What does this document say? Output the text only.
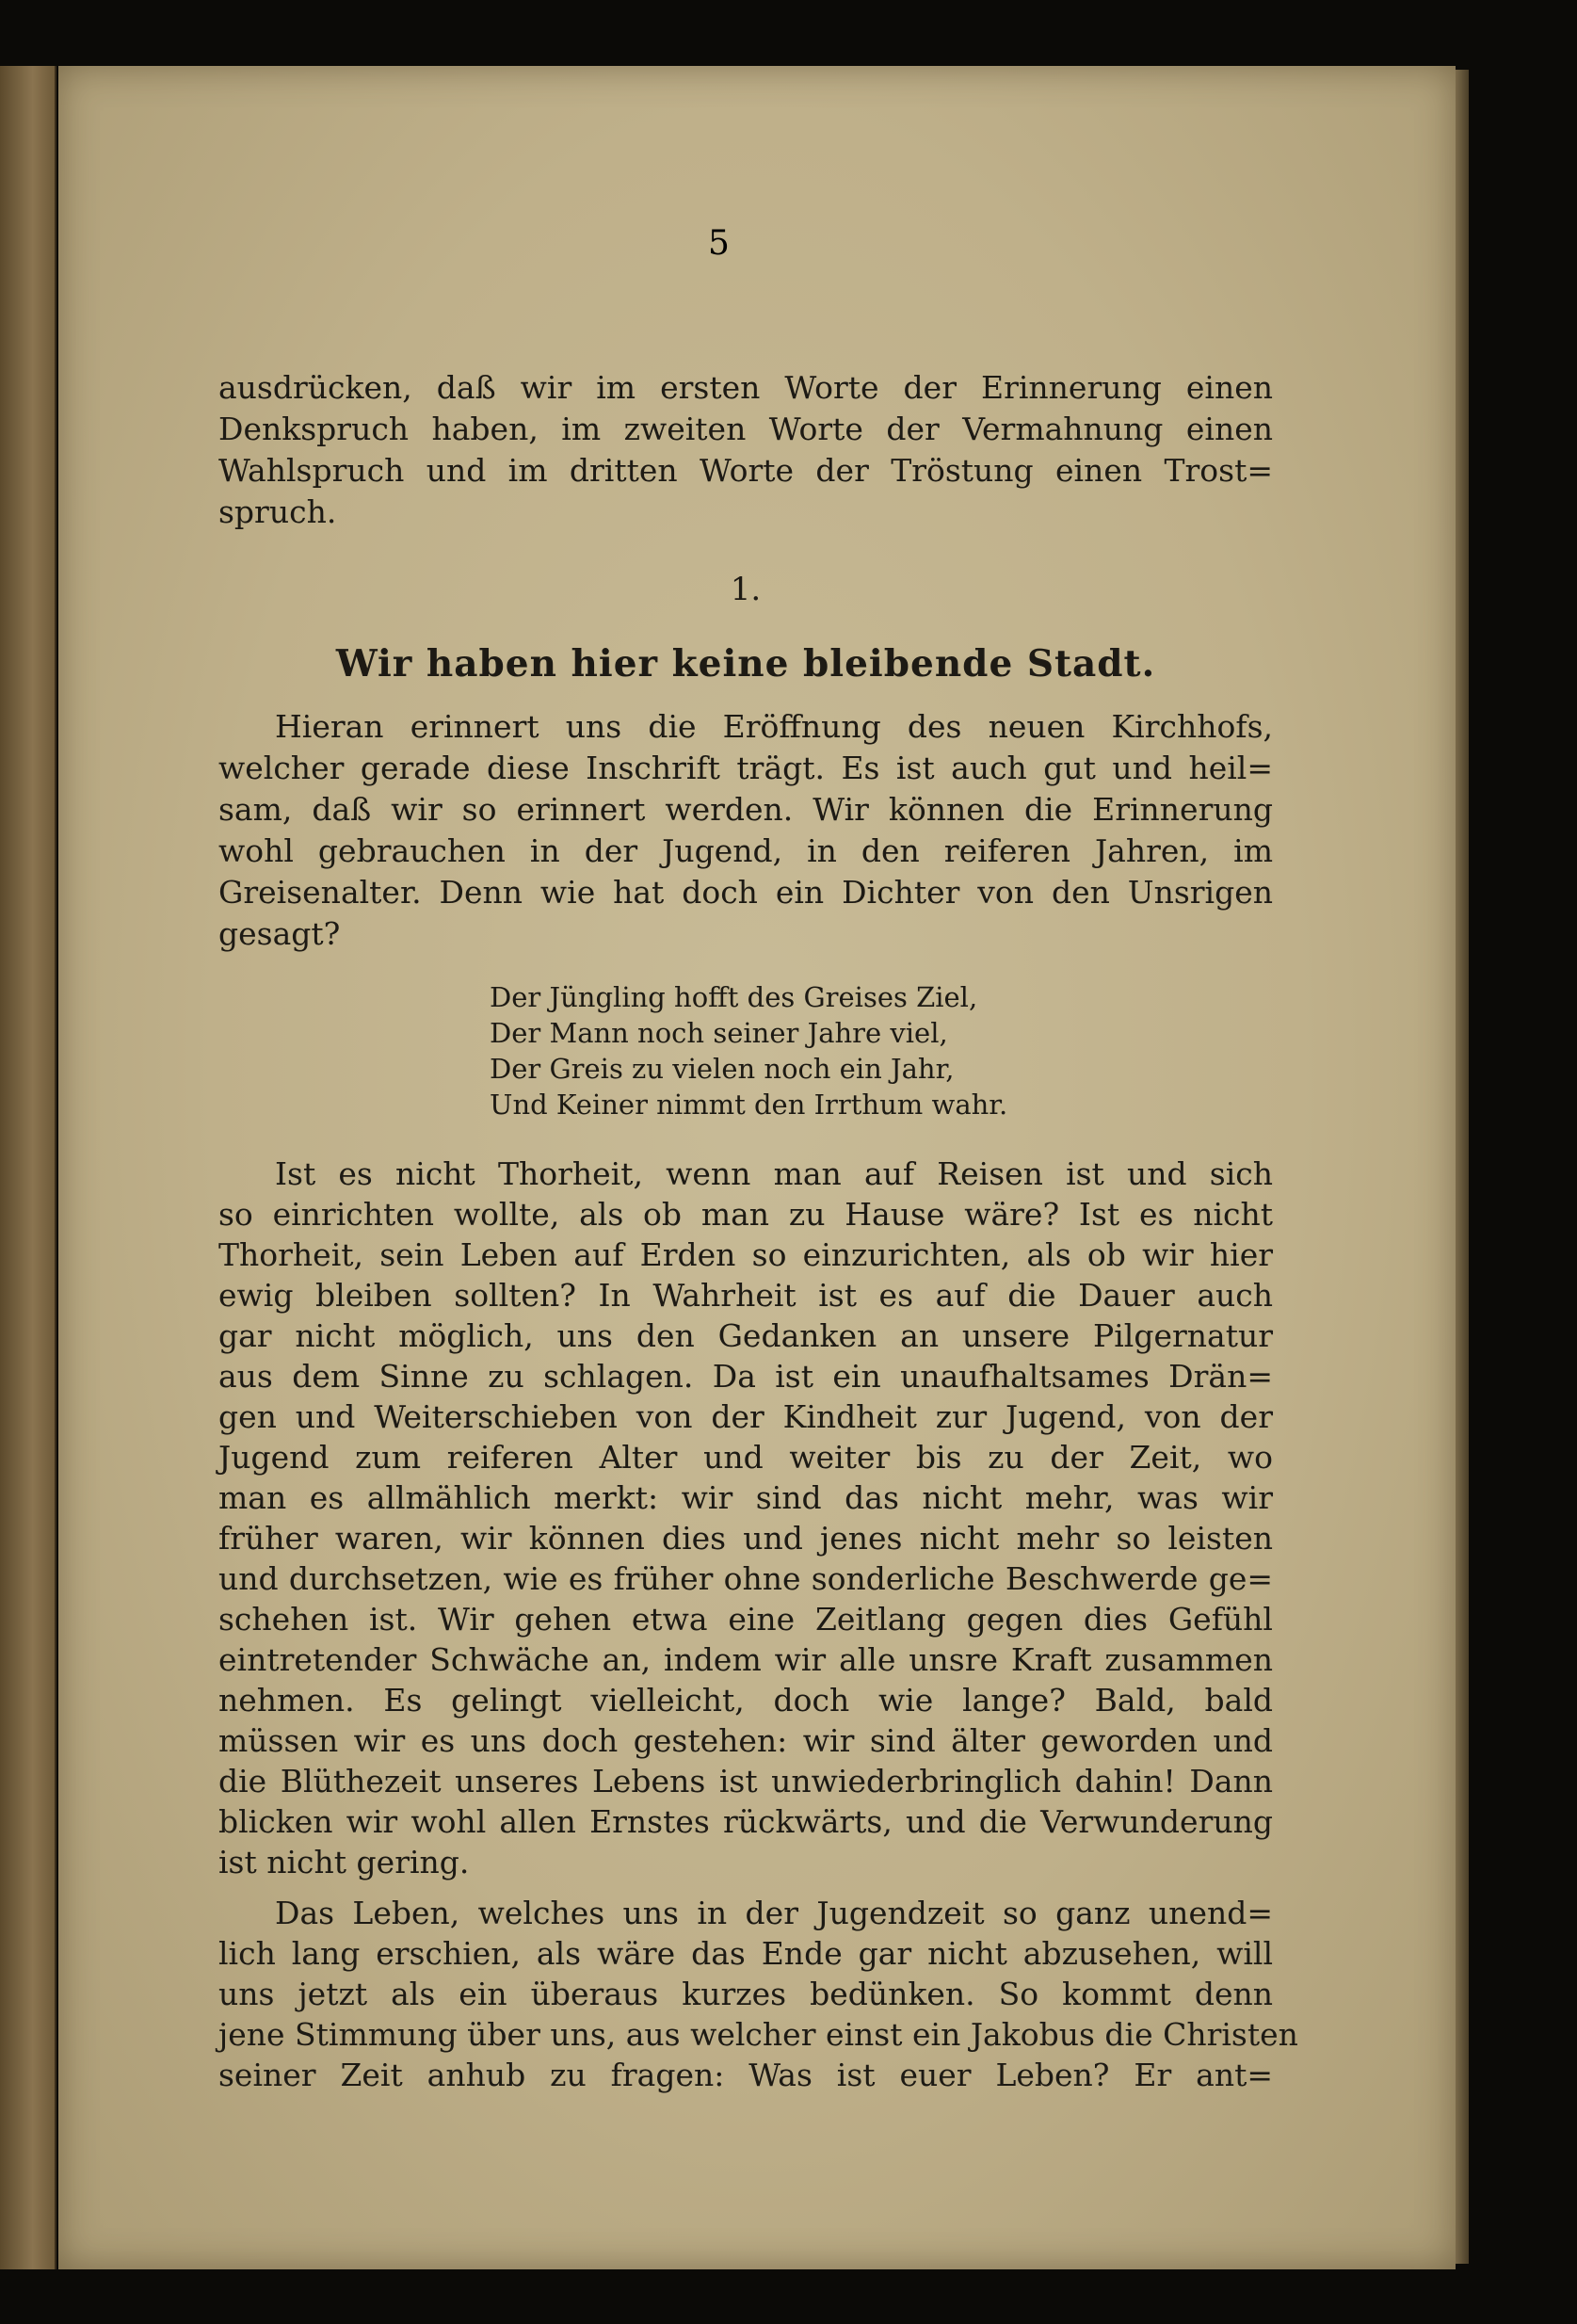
5
ausdrücken, daß wir im ersten Worte der Erinnerung einen
Denkspruch haben, im zweiten Worte der Vermahnung einen
Wahlspruch und im dritten Worte der Tröstung einen Trost=
spruch.
1.
Wir haben hier keine bleibende Stadt.
Hieran erinnert uns die Eröffnung des neuen Kirchhofs,
welcher gerade diese Inschrift trägt. Es ist auch gut und heil=
sam, daß wir so erinnert werden. Wir können die Erinnerung
wohl gebrauchen in der Jugend, in den reiferen Jahren, im
Greisenalter. Denn wie hat doch ein Dichter von den Unsrigen
gesagt?
Der Jüngling hofft des Greises Ziel,
Der Mann noch seiner Jahre viel,
Der Greis zu vielen noch ein Jahr,
Und Keiner nimmt den Irrthum wahr.
Ist es nicht Thorheit, wenn man auf Reisen ist und sich
so einrichten wollte, als ob man zu Hause wäre? Ist es nicht
Thorheit, sein Leben auf Erden so einzurichten, als ob wir hier
ewig bleiben sollten? In Wahrheit ist es auf die Dauer auch
gar nicht möglich, uns den Gedanken an unsere Pilgernatur
aus dem Sinne zu schlagen. Da ist ein unaufhaltsames Drän=
gen und Weiterschieben von der Kindheit zur Jugend, von der
Jugend zum reiferen Alter und weiter bis zu der Zeit, wo
man es allmählich merkt: wir sind das nicht mehr, was wir
früher waren, wir können dies und jenes nicht mehr so leisten
und durchsetzen, wie es früher ohne sonderliche Beschwerde ge=
schehen ist. Wir gehen etwa eine Zeitlang gegen dies Gefühl
eintretender Schwäche an, indem wir alle unsre Kraft zusammen
nehmen. Es gelingt vielleicht, doch wie lange? Bald, bald
müssen wir es uns doch gestehen: wir sind älter geworden und
die Blüthezeit unseres Lebens ist unwiederbringlich dahin! Dann
blicken wir wohl allen Ernstes rückwärts, und die Verwunderung
ist nicht gering.
Das Leben, welches uns in der Jugendzeit so ganz unend=
lich lang erschien, als wäre das Ende gar nicht abzusehen, will
uns jetzt als ein überaus kurzes bedünken. So kommt denn
jene Stimmung über uns, aus welcher einst ein Jakobus die Christen
seiner Zeit anhub zu fragen: Was ist euer Leben? Er ant=
